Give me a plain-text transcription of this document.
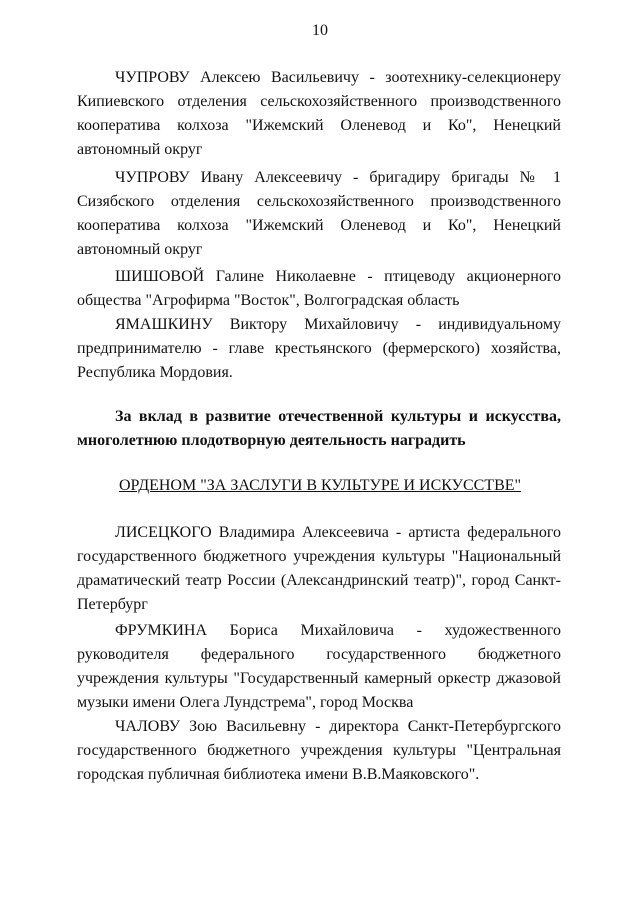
10
ЧУПРОВУ Алексею Васильевичу - зоотехнику-селекционеру
Кипиевского отделения сельскохозяйственного производственного
кооператива колхоза "Ижемский Оленевод и Ко", Ненецкий
автономный округ
ЧУПРОВУ Ивану Алексеевичу - бригадиру бригады № 1
Сизябского отделения сельскохозяйственного производственного
кооператива колхоза "Ижемский Оленевод и Ко", Ненецкий
автономный округ
ШИШОВОЙ Галине Николаевне - птицеводу акционерного
общества "Агрофирма "Восток", Волгоградская область
ЯМАШКИНУ Виктору Михайловичу - индивидуальному
предпринимателю - главе крестьянского (фермерского) хозяйства,
Республика Мордовия.
За вклад в развитие отечественной культуры и искусства,
многолетнюю плодотворную деятельность наградить
ОРДЕНОМ "ЗА ЗАСЛУГИ В КУЛЬТУРЕ И ИСКУССТВЕ"
ЛИСЕЦКОГО Владимира Алексеевича - артиста федерального
государственного бюджетного учреждения культуры "Национальный
драматический театр России (Александринский театр)", город Санкт-
Петербург
ФРУМКИНА Бориса Михайловича - художественного
руководителя федерального государственного бюджетного
учреждения культуры "Государственный камерный оркестр джазовой
музыки имени Олега Лундстрема", город Москва
ЧАЛОВУ Зою Васильевну - директора Санкт-Петербургского
государственного бюджетного учреждения культуры "Центральная
городская публичная библиотека имени В.В.Маяковского".
